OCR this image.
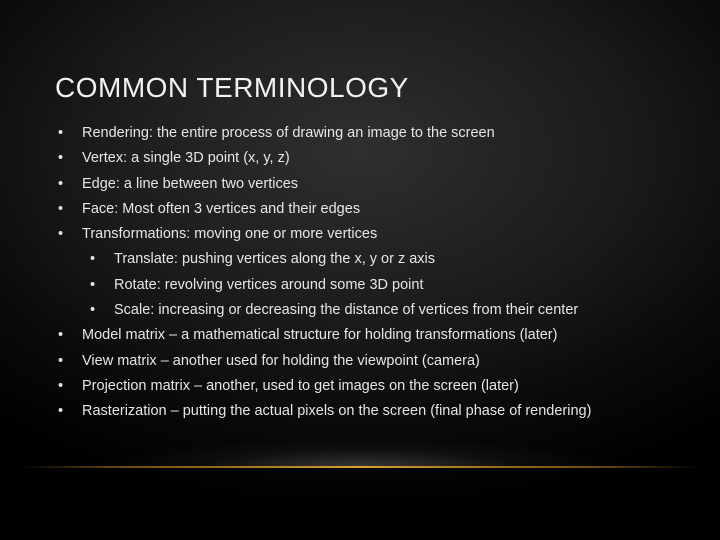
COMMON TERMINOLOGY
• Rendering: the entire process of drawing an image to the screen
• Vertex: a single 3D point (x, y, z)
• Edge: a line between two vertices
• Face: Most often 3 vertices and their edges
• Transformations: moving one or more vertices
• Translate: pushing vertices along the x, y or z axis
• Rotate: revolving vertices around some 3D point
• Scale: increasing or decreasing the distance of vertices from their center
• Model matrix – a mathematical structure for holding transformations (later)
• View matrix – another used for holding the viewpoint (camera)
• Projection matrix – another, used to get images on the screen (later)
• Rasterization – putting the actual pixels on the screen (final phase of rendering)
